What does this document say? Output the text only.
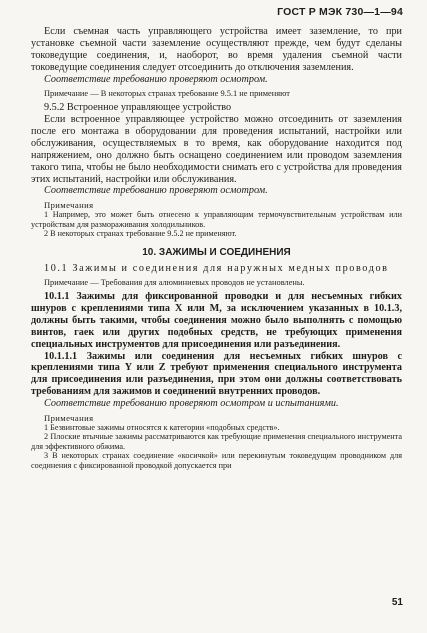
ГОСТ Р МЭК 730—1—94

Если съемная часть управляющего устройства имеет заземление, то при установке съемной части заземление осуществляют прежде, чем будут сделаны токоведущие соединения, и, наоборот, во время удаления съемной части токоведущие соединения следует отсоединить до отключения заземления.

Соответствие требованию проверяют осмотром.

Примечание — В некоторых странах требование 9.5.1 не применяют

9.5.2 Встроенное управляющее устройство

Если встроенное управляющее устройство можно отсоединить от заземления после его монтажа в оборудовании для проведения испытаний, настройки или обслуживания, осуществляемых в то время, как оборудование находится под напряжением, оно должно быть оснащено соединением или проводом заземления такого типа, чтобы не было необходимости снимать его с устройства для проведения этих испытаний, настройки или обслуживания.

Соответствие требованию проверяют осмотром.

Примечания

1 Например, это может быть отнесено к управляющим термочувствительным устройствам или устройствам для размораживания холодильников.

2 В некоторых странах требование 9.5.2 не применяют.

10. ЗАЖИМЫ И СОЕДИНЕНИЯ

10.1 Зажимы и соединения для наружных медных проводов

Примечание — Требования для алюминиевых проводов не установлены.

10.1.1 Зажимы для фиксированной проводки и для несъемных гибких шнуров с креплениями типа X или M, за исключением указанных в 10.1.3, должны быть такими, чтобы соединения можно было выполнять с помощью винтов, гаек или других подобных средств, не требующих применения специальных инструментов для присоединения или разъединения.

10.1.1.1 Зажимы или соединения для несъемных гибких шнуров с креплениями типа Y или Z требуют применения специального инструмента для присоединения или разъединения, при этом они должны соответствовать требованиям для зажимов и соединений внутренних проводов.

Соответствие требованию проверяют осмотром и испытаниями.

Примечания

1 Безвинтовые зажимы относятся к категории «подобных средств».

2 Плоские втычные зажимы рассматриваются как требующие применения специального инструмента для эффективного обжима.

3 В некоторых странах соединение «косичкой» или перекинутым токоведущим проводником для соединения с фиксированной проводкой допускается при

51
